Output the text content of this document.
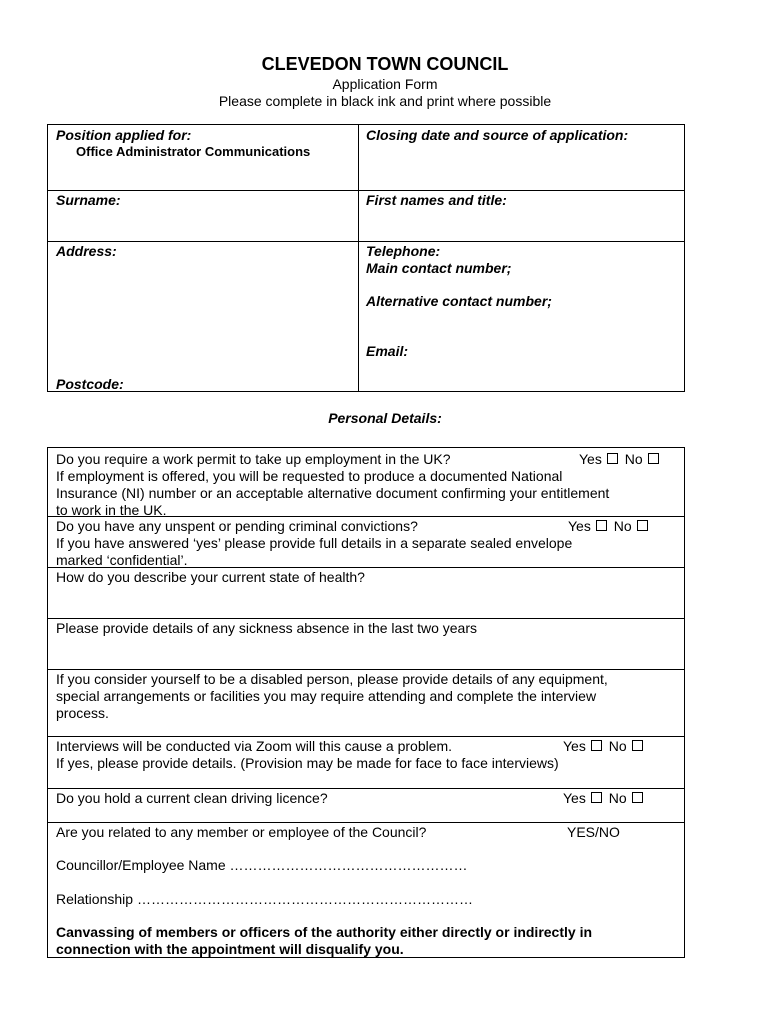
CLEVEDON TOWN COUNCIL
Application Form
Please complete in black ink and print where possible
Position applied for:
Office Administrator Communications
Closing date and source of application:
Surname:	First names and title:
Address:
Postcode:
Telephone:
Main contact number;
Alternative contact number;
Email:
Personal Details:
Do you require a work permit to take up employment in the UK?	Yes No
If employment is offered, you will be requested to produce a documented National
Insurance (NI) number or an acceptable alternative document confirming your entitlement
to work in the UK.
Do you have any unspent or pending criminal convictions?	Yes No
If you have answered ‘yes’ please provide full details in a separate sealed envelope
marked ‘confidential’.
How do you describe your current state of health?
Please provide details of any sickness absence in the last two years
If you consider yourself to be a disabled person, please provide details of any equipment,
special arrangements or facilities you may require attending and complete the interview
process.
Interviews will be conducted via Zoom will this cause a problem.	Yes No
If yes, please provide details. (Provision may be made for face to face interviews)
Do you hold a current clean driving licence?	Yes No
Are you related to any member or employee of the Council?	YES/NO
Councillor/Employee Name ……………………………………………
Relationship ………………………………………………………………
Canvassing of members or officers of the authority either directly or indirectly in
connection with the appointment will disqualify you.
